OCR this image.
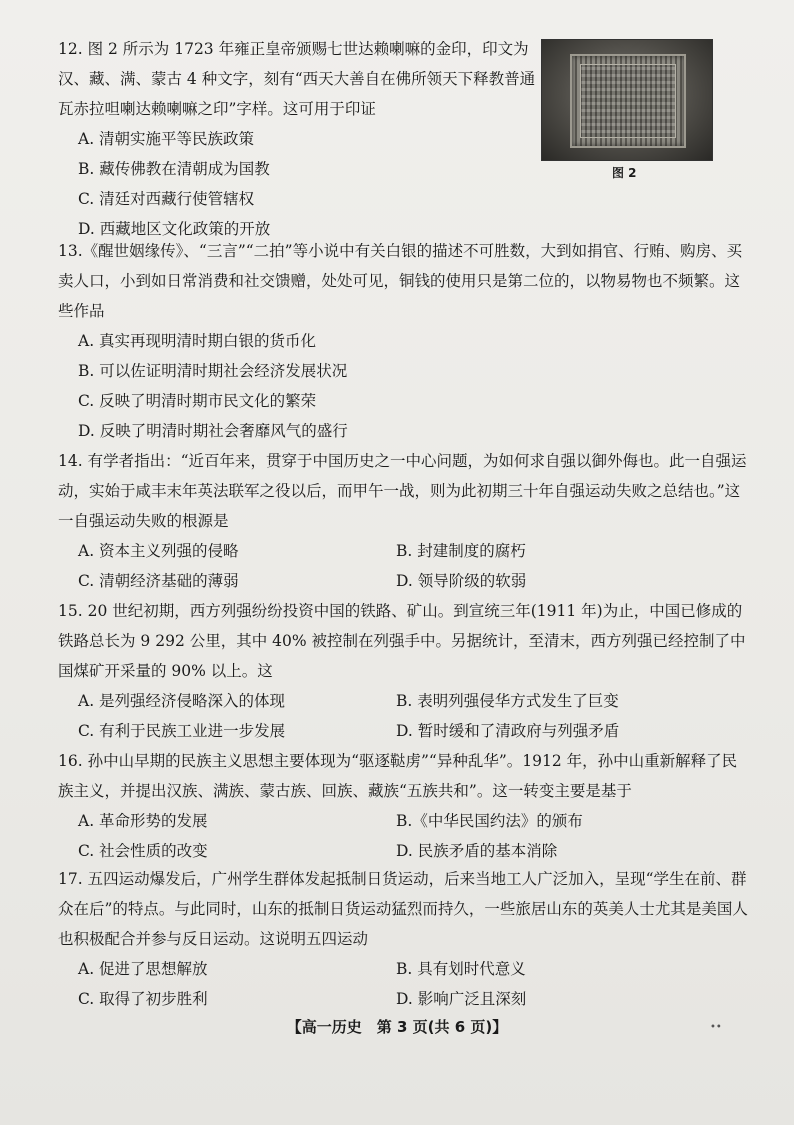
12. 图 2 所示为 1723 年雍正皇帝颁赐七世达赖喇嘛的金印，印文为汉、藏、满、蒙古 4 种文字，刻有“西天大善自在佛所领天下释教普通瓦赤拉呾喇达赖喇嘛之印”字样。这可用于印证
A. 清朝实施平等民族政策
B. 藏传佛教在清朝成为国教
C. 清廷对西藏行使管辖权
D. 西藏地区文化政策的开放
图 2
13.《醒世姻缘传》、“三言”“二拍”等小说中有关白银的描述不可胜数，大到如捐官、行贿、购房、买卖人口，小到如日常消费和社交馈赠，处处可见，铜钱的使用只是第二位的，以物易物也不频繁。这些作品
A. 真实再现明清时期白银的货币化
B. 可以佐证明清时期社会经济发展状况
C. 反映了明清时期市民文化的繁荣
D. 反映了明清时期社会奢靡风气的盛行
14. 有学者指出：“近百年来，贯穿于中国历史之一中心问题，为如何求自强以御外侮也。此一自强运动，实始于咸丰末年英法联军之役以后，而甲午一战，则为此初期三十年自强运动失败之总结也。”这一自强运动失败的根源是
A. 资本主义列强的侵略	B. 封建制度的腐朽
C. 清朝经济基础的薄弱	D. 领导阶级的软弱
15. 20 世纪初期，西方列强纷纷投资中国的铁路、矿山。到宣统三年(1911 年)为止，中国已修成的铁路总长为 9 292 公里，其中 40% 被控制在列强手中。另据统计，至清末，西方列强已经控制了中国煤矿开采量的 90% 以上。这
A. 是列强经济侵略深入的体现	B. 表明列强侵华方式发生了巨变
C. 有利于民族工业进一步发展	D. 暂时缓和了清政府与列强矛盾
16. 孙中山早期的民族主义思想主要体现为“驱逐鞑虏”“异种乱华”。1912 年，孙中山重新解释了民族主义，并提出汉族、满族、蒙古族、回族、藏族“五族共和”。这一转变主要是基于
A. 革命形势的发展	B.《中华民国约法》的颁布
C. 社会性质的改变	D. 民族矛盾的基本消除
17. 五四运动爆发后，广州学生群体发起抵制日货运动，后来当地工人广泛加入，呈现“学生在前、群众在后”的特点。与此同时，山东的抵制日货运动猛烈而持久，一些旅居山东的英美人士尤其是美国人也积极配合并参与反日运动。这说明五四运动
A. 促进了思想解放	B. 具有划时代意义
C. 取得了初步胜利	D. 影响广泛且深刻
【高一历史　第 3 页(共 6 页)】	••
